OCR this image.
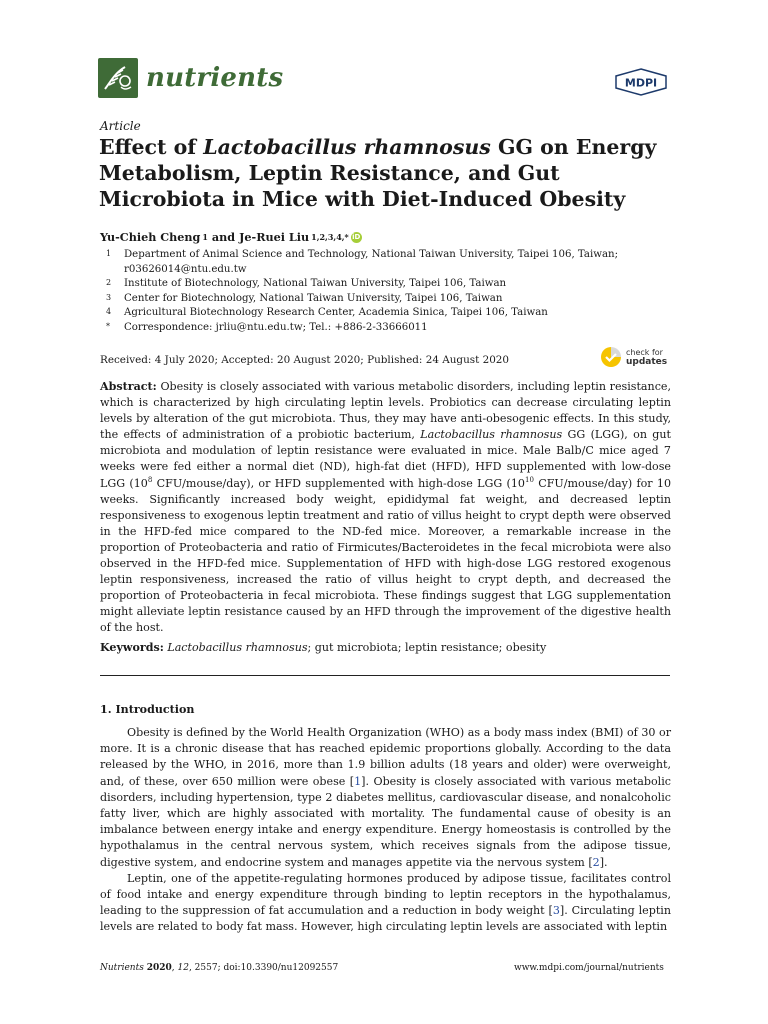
nutrients	MDPI
Article
Effect of Lactobacillus rhamnosus GG on Energy Metabolism, Leptin Resistance, and Gut Microbiota in Mice with Diet-Induced Obesity
Yu-Chieh Cheng 1 and Je-Ruei Liu 1,2,3,4,* iD
1	Department of Animal Science and Technology, National Taiwan University, Taipei 106, Taiwan; r03626014@ntu.edu.tw
2	Institute of Biotechnology, National Taiwan University, Taipei 106, Taiwan
3	Center for Biotechnology, National Taiwan University, Taipei 106, Taiwan
4	Agricultural Biotechnology Research Center, Academia Sinica, Taipei 106, Taiwan
*	Correspondence: jrliu@ntu.edu.tw; Tel.: +886-2-33666011
Received: 4 July 2020; Accepted: 20 August 2020; Published: 24 August 2020
check for
updates

Abstract: Obesity is closely associated with various metabolic disorders, including leptin resistance, which is characterized by high circulating leptin levels. Probiotics can decrease circulating leptin levels by alteration of the gut microbiota. Thus, they may have anti-obesogenic effects. In this study, the effects of administration of a probiotic bacterium, Lactobacillus rhamnosus GG (LGG), on gut microbiota and modulation of leptin resistance were evaluated in mice. Male Balb/C mice aged 7 weeks were fed either a normal diet (ND), high-fat diet (HFD), HFD supplemented with low-dose LGG ($10^8$ CFU/mouse/day), or HFD supplemented with high-dose LGG ($10^{10}$ CFU/mouse/day) for 10 weeks. Significantly increased body weight, epididymal fat weight, and decreased leptin responsiveness to exogenous leptin treatment and ratio of villus height to crypt depth were observed in the HFD-fed mice compared to the ND-fed mice. Moreover, a remarkable increase in the proportion of Proteobacteria and ratio of Firmicutes/Bacteroidetes in the fecal microbiota were also observed in the HFD-fed mice. Supplementation of HFD with high-dose LGG restored exogenous leptin responsiveness, increased the ratio of villus height to crypt depth, and decreased the proportion of Proteobacteria in fecal microbiota. These findings suggest that LGG supplementation might alleviate leptin resistance caused by an HFD through the improvement of the digestive health of the host.

Keywords: Lactobacillus rhamnosus; gut microbiota; leptin resistance; obesity
1. Introduction

Obesity is defined by the World Health Organization (WHO) as a body mass index (BMI) of 30 or more. It is a chronic disease that has reached epidemic proportions globally. According to the data released by the WHO, in 2016, more than 1.9 billion adults (18 years and older) were overweight, and, of these, over 650 million were obese [1]. Obesity is closely associated with various metabolic disorders, including hypertension, type 2 diabetes mellitus, cardiovascular disease, and nonalcoholic fatty liver, which are highly associated with mortality. The fundamental cause of obesity is an imbalance between energy intake and energy expenditure. Energy homeostasis is controlled by the hypothalamus in the central nervous system, which receives signals from the adipose tissue, digestive system, and endocrine system and manages appetite via the nervous system [2].

Leptin, one of the appetite-regulating hormones produced by adipose tissue, facilitates control of food intake and energy expenditure through binding to leptin receptors in the hypothalamus, leading to the suppression of fat accumulation and a reduction in body weight [3]. Circulating leptin levels are related to body fat mass. However, high circulating leptin levels are associated with leptin

Nutrients 2020, 12, 2557; doi:10.3390/nu12092557	www.mdpi.com/journal/nutrients
